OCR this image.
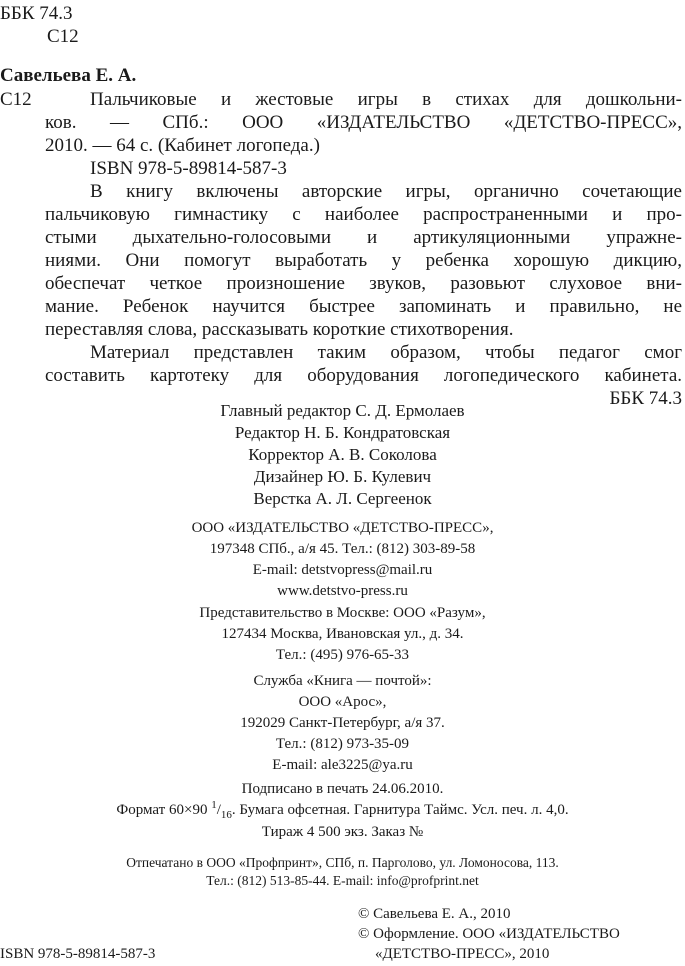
ББК 74.3
С12
Савельева Е. А.
С12	Пальчиковые и жестовые игры в стихах для дошкольни-
ков. — СПб.: ООО «ИЗДАТЕЛЬСТВО «ДЕТСТВО-ПРЕСС»,
2010. — 64 с. (Кабинет логопеда.)
ISBN 978-5-89814-587-3
В книгу включены авторские игры, органично сочетающие
пальчиковую гимнастику с наиболее распространенными и про-
стыми дыхательно-голосовыми и артикуляционными упражне-
ниями. Они помогут выработать у ребенка хорошую дикцию,
обеспечат четкое произношение звуков, разовьют слуховое вни-
мание. Ребенок научится быстрее запоминать и правильно, не
переставляя слова, рассказывать короткие стихотворения.
Материал представлен таким образом, чтобы педагог смог
составить картотеку для оборудования логопедического кабинета.
ББК 74.3
Главный редактор С. Д. Ермолаев
Редактор Н. Б. Кондратовская
Корректор А. В. Соколова
Дизайнер Ю. Б. Кулевич
Верстка А. Л. Сергеенок
ООО «ИЗДАТЕЛЬСТВО «ДЕТСТВО-ПРЕСС»,
197348 СПб., а/я 45. Тел.: (812) 303-89-58
E-mail: detstvopress@mail.ru
www.detstvo-press.ru
Представительство в Москве: ООО «Разум»,
127434 Москва, Ивановская ул., д. 34.
Тел.: (495) 976-65-33
Служба «Книга — почтой»:
ООО «Арос»,
192029 Санкт-Петербург, а/я 37.
Тел.: (812) 973-35-09
E-mail: ale3225@ya.ru
Подписано в печать 24.06.2010.
Формат 60×90 $^1/_{16}$. Бумага офсетная. Гарнитура Таймс. Усл. печ. л. 4,0.
Тираж 4 500 экз. Заказ №
Отпечатано в ООО «Профпринт», СПб, п. Парголово, ул. Ломоносова, 113.
Тел.: (812) 513-85-44. E-mail: info@profprint.net
© Савельева Е. А., 2010
© Оформление. ООО «ИЗДАТЕЛЬСТВО
«ДЕТСТВО-ПРЕСС», 2010
ISBN 978-5-89814-587-3
